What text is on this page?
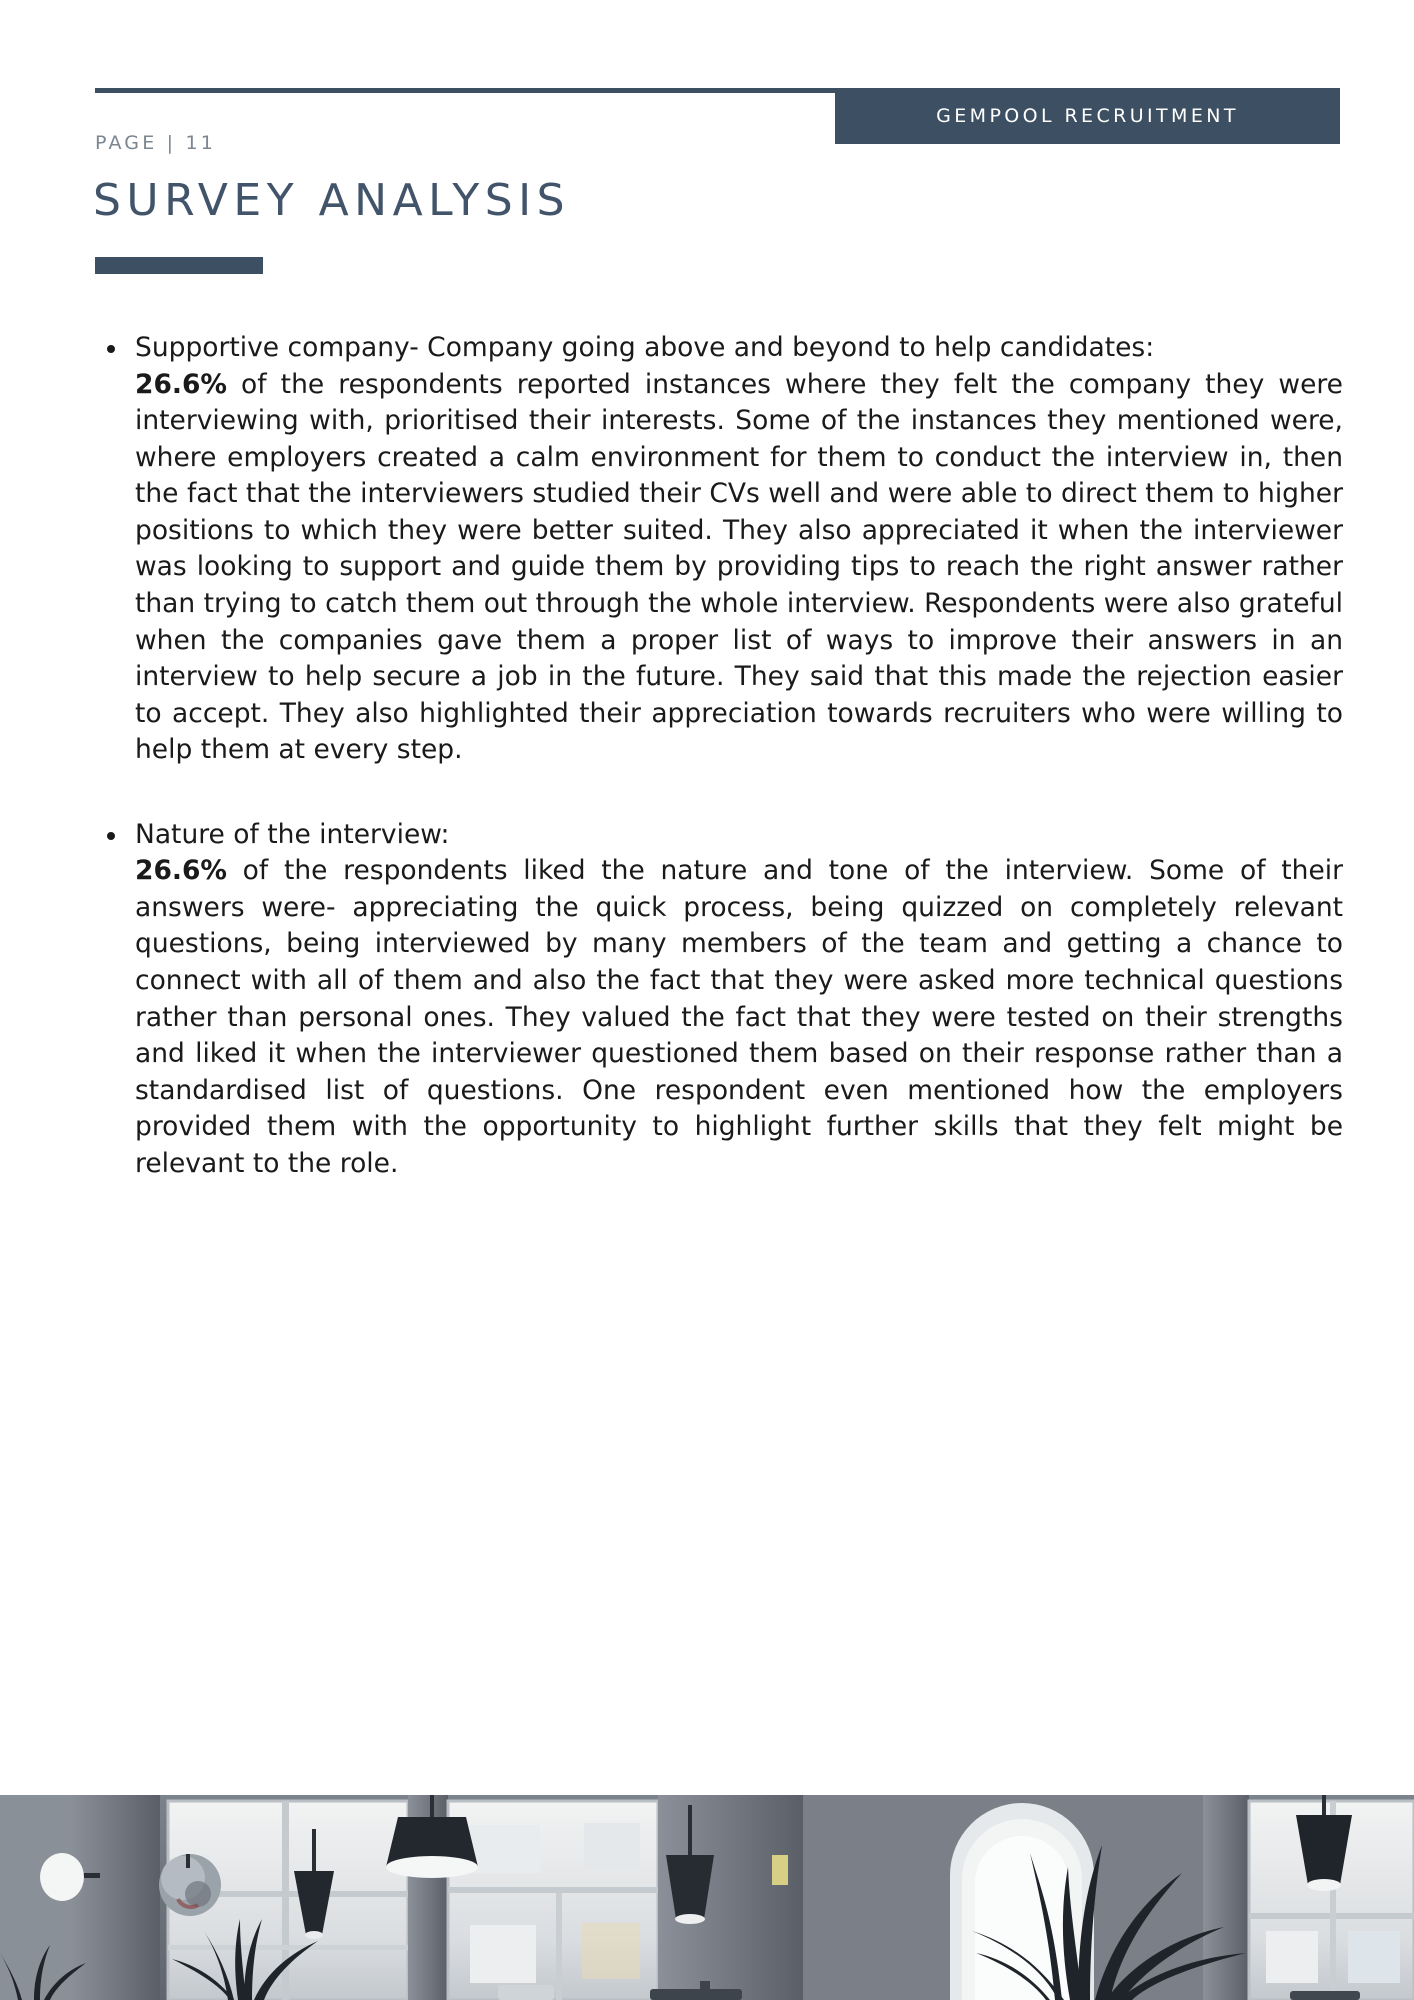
PAGE | 11
GEMPOOL RECRUITMENT
SURVEY ANALYSIS
Supportive company- Company going above and beyond to help candidates:
26.6% of the respondents reported instances where they felt the company they were interviewing with, prioritised their interests. Some of the instances they mentioned were, where employers created a calm environment for them to conduct the interview in, then the fact that the interviewers studied their CVs well and were able to direct them to higher positions to which they were better suited. They also appreciated it when the interviewer was looking to support and guide them by providing tips to reach the right answer rather than trying to catch them out through the whole interview. Respondents were also grateful when the companies gave them a proper list of ways to improve their answers in an interview to help secure a job in the future. They said that this made the rejection easier to accept. They also highlighted their appreciation towards recruiters who were willing to help them at every step.
Nature of the interview:
26.6% of the respondents liked the nature and tone of the interview. Some of their answers were- appreciating the quick process, being quizzed on completely relevant questions, being interviewed by many members of the team and getting a chance to connect with all of them and also the fact that they were asked more technical questions rather than personal ones. They valued the fact that they were tested on their strengths and liked it when the interviewer questioned them based on their response rather than a standardised list of questions. One respondent even mentioned how the employers provided them with the opportunity to highlight further skills that they felt might be relevant to the role.
